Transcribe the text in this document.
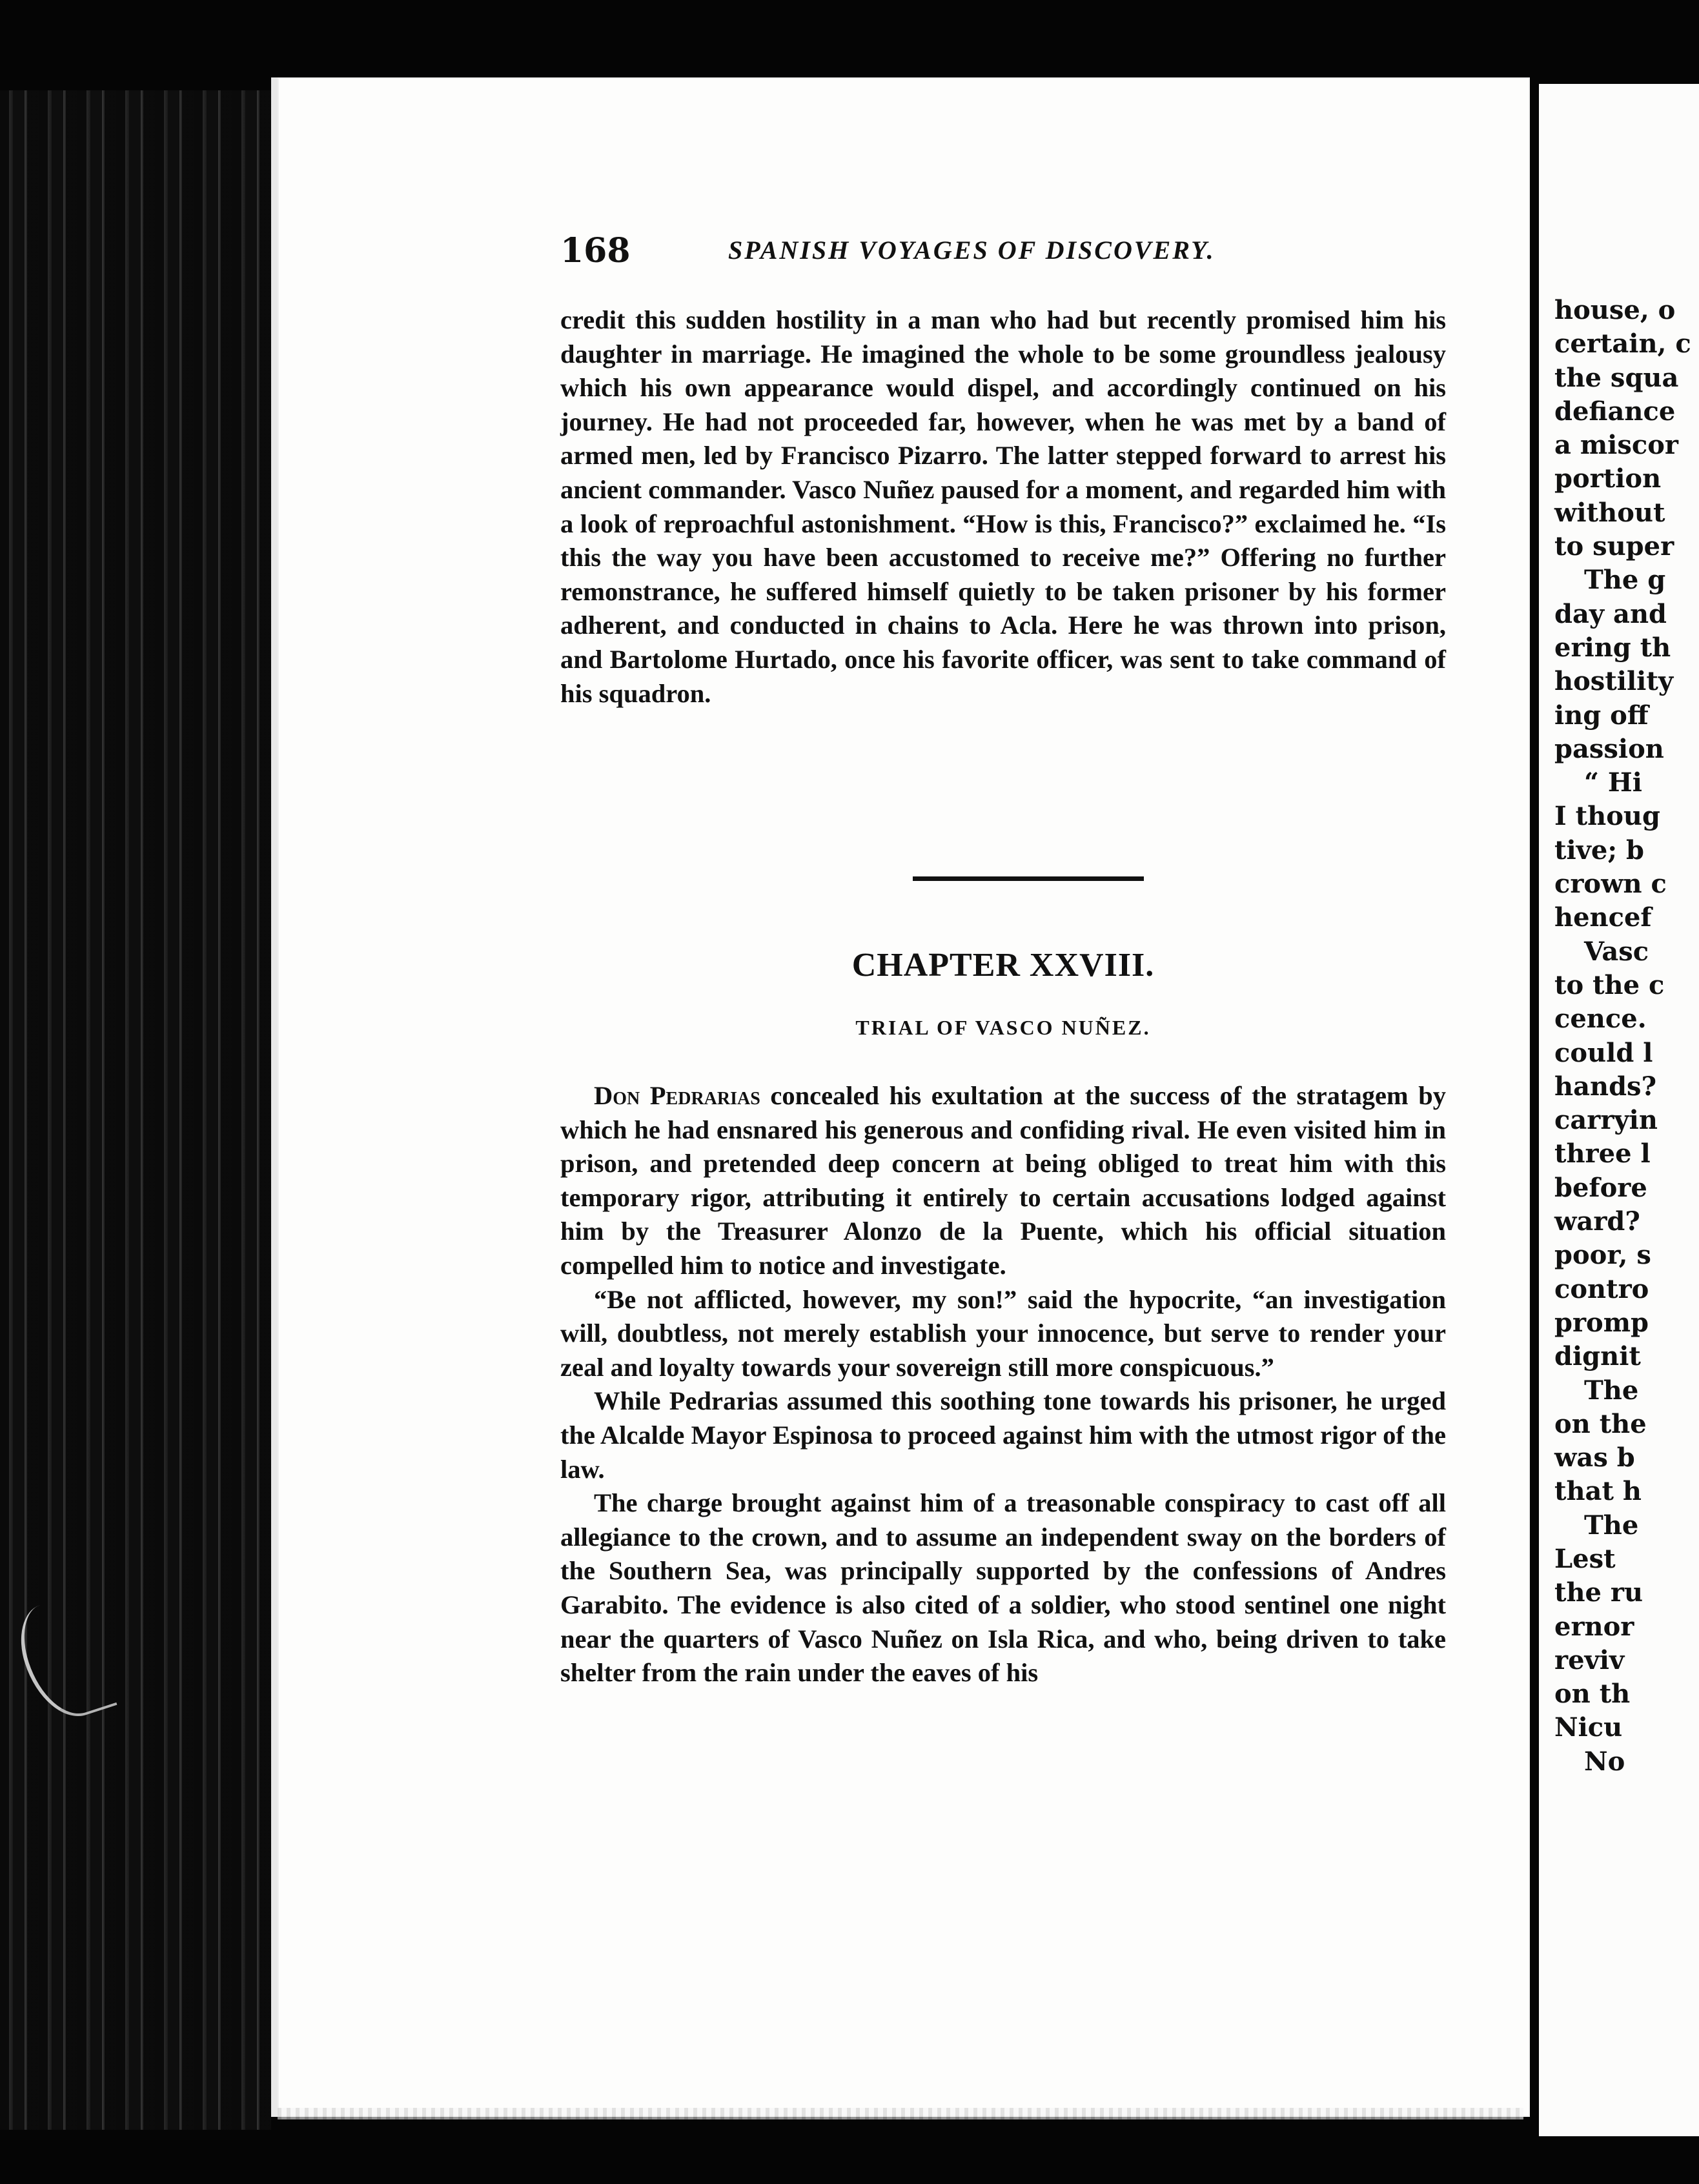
168	SPANISH VOYAGES OF DISCOVERY.

credit this sudden hostility in a man who had but recently promised him his daughter in marriage. He imagined the whole to be some groundless jealousy which his own appearance would dispel, and accordingly continued on his journey. He had not proceeded far, however, when he was met by a band of armed men, led by Francisco Pizarro. The latter stepped forward to arrest his ancient commander. Vasco Nuñez paused for a moment, and regarded him with a look of reproachful astonishment. “How is this, Francisco?” exclaimed he. “Is this the way you have been accustomed to receive me?” Offering no further remonstrance, he suffered himself quietly to be taken prisoner by his former adherent, and conducted in chains to Acla. Here he was thrown into prison, and Bartolome Hurtado, once his favorite officer, was sent to take command of his squadron.

CHAPTER XXVIII.
TRIAL OF VASCO NUÑEZ.

Don Pedrarias concealed his exultation at the success of the stratagem by which he had ensnared his generous and confiding rival. He even visited him in prison, and pretended deep concern at being obliged to treat him with this temporary rigor, attributing it entirely to certain accusations lodged against him by the Treasurer Alonzo de la Puente, which his official situation compelled him to notice and investigate.

“Be not afflicted, however, my son!” said the hypocrite, “an investigation will, doubtless, not merely establish your innocence, but serve to render your zeal and loyalty towards your sovereign still more conspicuous.”

While Pedrarias assumed this soothing tone towards his prisoner, he urged the Alcalde Mayor Espinosa to proceed against him with the utmost rigor of the law.

The charge brought against him of a treasonable conspiracy to cast off all allegiance to the crown, and to assume an independent sway on the borders of the Southern Sea, was principally supported by the confessions of Andres Garabito. The evidence is also cited of a soldier, who stood sentinel one night near the quarters of Vasco Nuñez on Isla Rica, and who, being driven to take shelter from the rain under the eaves of his

house, o
certain, c
the squa
defiance
a miscor
portion
without
to super
The g
day and
ering th
hostility
ing off
passion
“ Hi
I thoug
tive; b
crown c
hencef
Vasc
to the c
cence.
could l
hands?
carryin
three l
before
ward?
poor, s
contro
promp
dignit
The
on the
was b
that h
The
Lest
the ru
ernor
reviv
on th
Nicu
No
